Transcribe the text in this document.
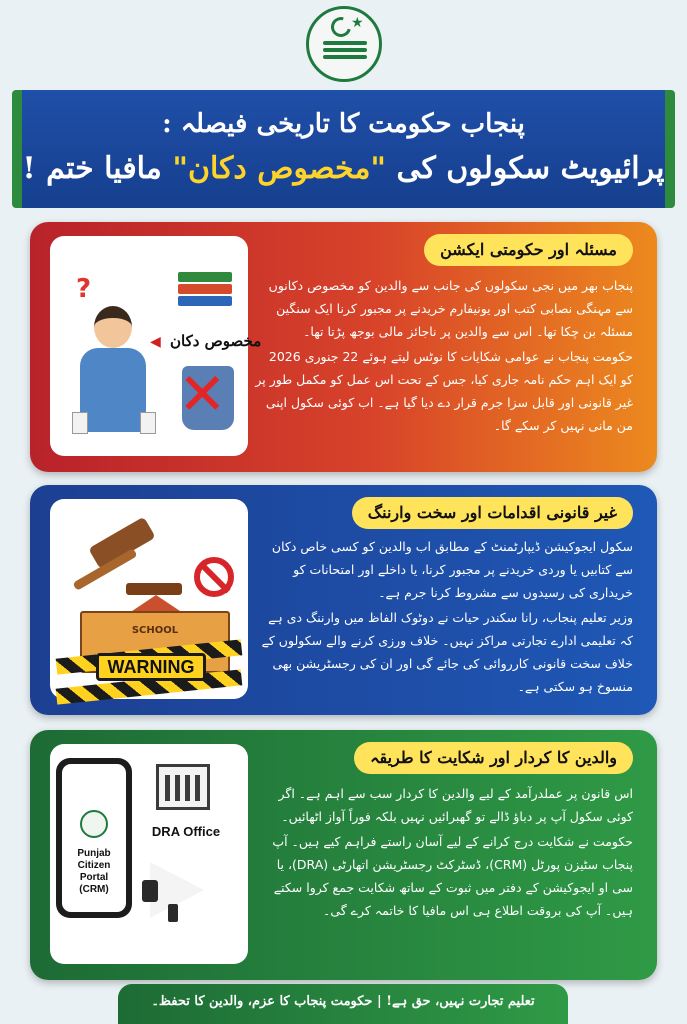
★
پنجاب حکومت کا تاریخی فیصلہ :
پرائیویٹ سکولوں کی "مخصوص دکان" مافیا ختم !
?
◀ مخصوص دکان
✕
مسئلہ اور حکومتی ایکشن

پنجاب بھر میں نجی سکولوں کی جانب سے والدین کو مخصوص دکانوں سے مہنگی نصابی کتب اور یونیفارم خریدنے پر مجبور کرنا ایک سنگین مسئلہ بن چکا تھا۔ اس سے والدین پر ناجائز مالی بوجھ پڑتا تھا۔

حکومت پنجاب نے عوامی شکایات کا نوٹس لیتے ہوئے 22 جنوری 2026 کو ایک اہم حکم نامہ جاری کیا، جس کے تحت اس عمل کو مکمل طور پر غیر قانونی اور قابل سزا جرم قرار دے دیا گیا ہے۔ اب کوئی سکول اپنی من مانی نہیں کر سکے گا۔

SCHOOL
WARNING
غیر قانونی اقدامات اور سخت وارننگ

سکول ایجوکیشن ڈیپارٹمنٹ کے مطابق اب والدین کو کسی خاص دکان سے کتابیں یا وردی خریدنے پر مجبور کرنا، یا داخلے اور امتحانات کو خریداری کی رسیدوں سے مشروط کرنا جرم ہے۔

وزیر تعلیم پنجاب، رانا سکندر حیات نے دوٹوک الفاظ میں وارننگ دی ہے کہ تعلیمی ادارے تجارتی مراکز نہیں۔ خلاف ورزی کرنے والے سکولوں کے خلاف سخت قانونی کارروائی کی جائے گی اور ان کی رجسٹریشن بھی منسوخ ہو سکتی ہے۔

Punjab Citizen
Portal
(CRM)
DRA Office
والدین کا کردار اور شکایت کا طریقہ

اس قانون پر عملدرآمد کے لیے والدین کا کردار سب سے اہم ہے۔ اگر کوئی سکول آپ پر دباؤ ڈالے تو گھبرائیں نہیں بلکہ فوراً آواز اٹھائیں۔

حکومت نے شکایت درج کرانے کے لیے آسان راستے فراہم کیے ہیں۔ آپ پنجاب سٹیزن پورٹل (CRM)، ڈسٹرکٹ رجسٹریشن اتھارٹی (DRA)، یا سی او ایجوکیشن کے دفتر میں ثبوت کے ساتھ شکایت جمع کروا سکتے ہیں۔ آپ کی بروقت اطلاع ہی اس مافیا کا خاتمہ کرے گی۔

تعلیم تجارت نہیں، حق ہے! | حکومت پنجاب کا عزم، والدین کا تحفظ۔
